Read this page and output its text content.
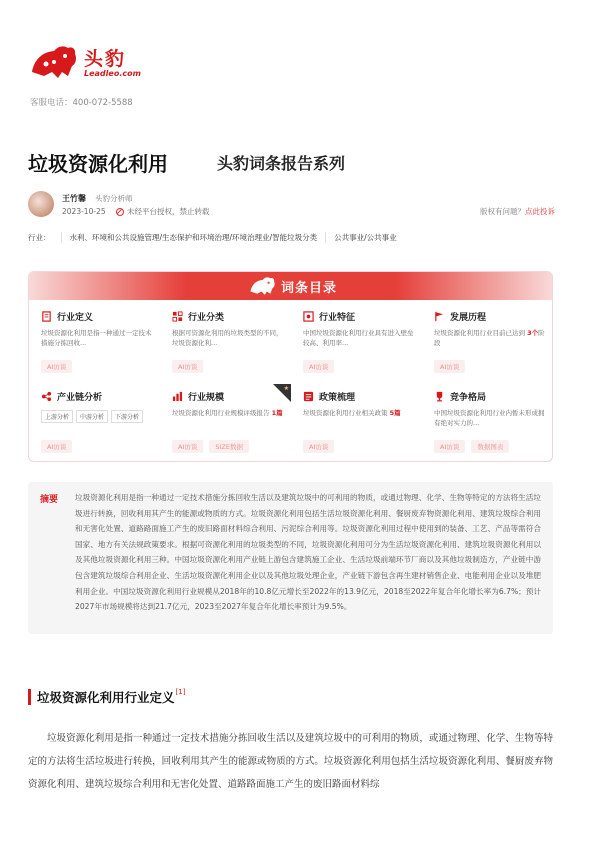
头豹
Leadleo.com
客服电话：400-072-5588
垃圾资源化利用	头豹词条报告系列
王竹馨 头豹分析师
2023-10-25	未经平台授权，禁止转载	版权有问题？点此投诉
行业：	水利、环境和公共设施管理/生态保护和环境治理/环境治理业/智能垃圾分类	公共事业/公共事业
词条目录
行业定义
垃圾资源化利用是指一种通过一定技术措施分拣回收...
AI访谈
行业分类
根据可资源化利用的垃圾类型的不同，垃圾资源化利...
AI访谈
行业特征
中国垃圾资源化利用行业具有进入壁垒较高、利用率...
AI访谈
发展历程
垃圾资源化利用行业目前已达到 3个阶段
AI访谈
产业链分析
上游分析	中游分析	下游分析
AI访谈
★
行业规模
垃圾资源化利用行业规模评级报告 1篇
AI访谈	SIZE数据
政策梳理
垃圾资源化利用行业相关政策 5篇
AI访谈
竞争格局
中国垃圾资源化利用行业内暂未形成拥有绝对实力的...
AI访谈	数据图表
摘要 垃圾资源化利用是指一种通过一定技术措施分拣回收生活以及建筑垃圾中的可利用的物质，或通过物理、化学、生物等特定的方法将生活垃圾进行转换，回收利用其产生的能源或物质的方式。垃圾资源化利用包括生活垃圾资源化利用、餐厨废弃物资源化利用、建筑垃圾综合利用和无害化处置、道路路面施工产生的废旧路面材料综合利用、污泥综合利用等。垃圾资源化利用过程中使用到的装备、工艺、产品等需符合国家、地方有关法规政策要求。根据可资源化利用的垃圾类型的不同，垃圾资源化利用可分为生活垃圾资源化利用、建筑垃圾资源化利用以及其他垃圾资源化利用三种。中国垃圾资源化利用产业链上游包含建筑施工企业、生活垃圾前端环节厂商以及其他垃圾制造方，产业链中游包含建筑垃圾综合利用企业、生活垃圾资源化利用企业以及其他垃圾处理企业，产业链下游包含再生建材销售企业、电能利用企业以及堆肥利用企业。中国垃圾资源化利用行业规模从2018年的10.8亿元增长至2022年的13.9亿元，2018至2022年复合年化增长率为6.7%；预计2027年市场规模将达到21.7亿元，2023至2027年复合年化增长率预计为9.5%。
垃圾资源化利用行业定义 [1]
垃圾资源化利用是指一种通过一定技术措施分拣回收生活以及建筑垃圾中的可利用的物质，或通过物理、化学、生物等特定的方法将生活垃圾进行转换，回收利用其产生的能源或物质的方式。垃圾资源化利用包括生活垃圾资源化利用、餐厨废弃物资源化利用、建筑垃圾综合利用和无害化处置、道路路面施工产生的废旧路面材料综
